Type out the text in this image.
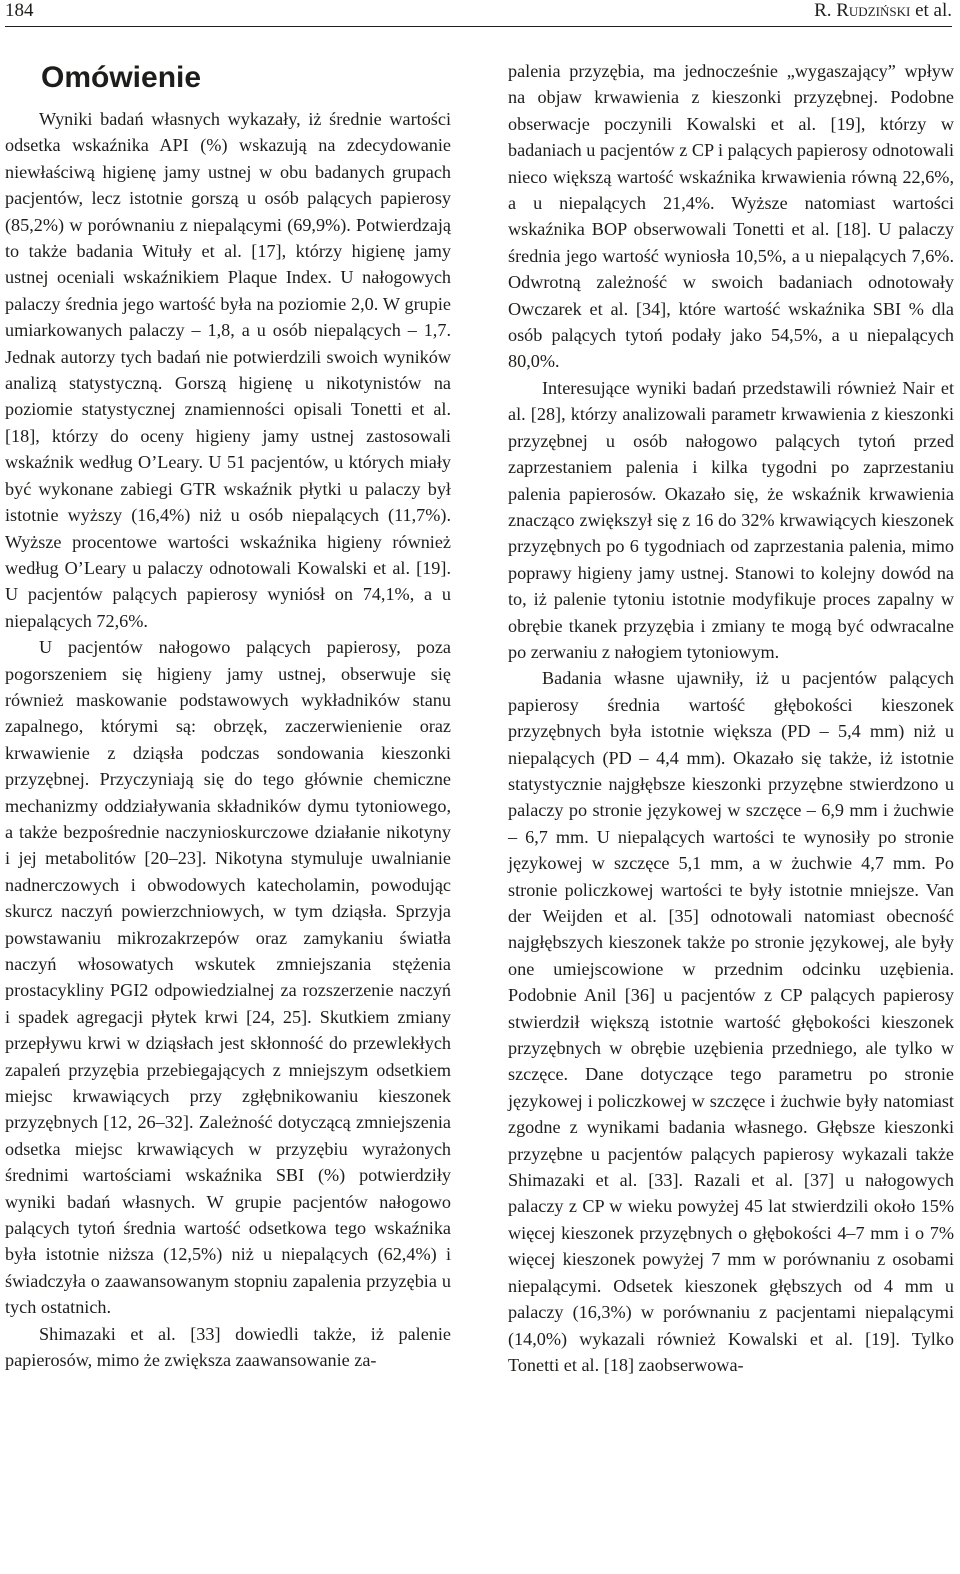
184	R. Rudziński et al.
Omówienie

Wyniki badań własnych wykazały, iż średnie wartości odsetka wskaźnika API (%) wskazują na zdecydowanie niewłaściwą higienę jamy ustnej w obu badanych grupach pacjentów, lecz istotnie gorszą u osób palących papierosy (85,2%) w porównaniu z niepalącymi (69,9%). Potwierdzają to także badania Wituły et al. [17], którzy higienę jamy ustnej oceniali wskaźnikiem Plaque Index. U nałogowych palaczy średnia jego wartość była na poziomie 2,0. W grupie umiarkowanych palaczy – 1,8, a u osób niepalących – 1,7. Jednak autorzy tych badań nie potwierdzili swoich wyników analizą statystyczną. Gorszą higienę u nikotynistów na poziomie statystycznej znamienności opisali Tonetti et al. [18], którzy do oceny higieny jamy ustnej zastosowali wskaźnik według O’Leary. U 51 pacjentów, u których miały być wykonane zabiegi GTR wskaźnik płytki u palaczy był istotnie wyższy (16,4%) niż u osób niepalących (11,7%). Wyższe procentowe wartości wskaźnika higieny również według O’Leary u palaczy odnotowali Kowalski et al. [19]. U pacjentów palących papierosy wyniósł on 74,1%, a u niepalących 72,6%.

U pacjentów nałogowo palących papierosy, poza pogorszeniem się higieny jamy ustnej, obserwuje się również maskowanie podstawowych wykładników stanu zapalnego, którymi są: obrzęk, zaczerwienienie oraz krwawienie z dziąsła podczas sondowania kieszonki przyzębnej. Przyczyniają się do tego głównie chemiczne mechanizmy oddziaływania składników dymu tytoniowego, a także bezpośrednie naczynioskurczowe działanie nikotyny i jej metabolitów [20–23]. Nikotyna stymuluje uwalnianie nadnerczowych i obwodowych katecholamin, powodując skurcz naczyń powierzchniowych, w tym dziąsła. Sprzyja powstawaniu mikrozakrzepów oraz zamykaniu światła naczyń włosowatych wskutek zmniejszania stężenia prostacykliny PGI2 odpowiedzialnej za rozszerzenie naczyń i spadek agregacji płytek krwi [24, 25]. Skutkiem zmiany przepływu krwi w dziąsłach jest skłonność do przewlekłych zapaleń przyzębia przebiegających z mniejszym odsetkiem miejsc krwawiących przy zgłębnikowaniu kieszonek przyzębnych [12, 26–32]. Zależność dotyczącą zmniejszenia odsetka miejsc krwawiących w przyzębiu wyrażonych średnimi wartościami wskaźnika SBI (%) potwierdziły wyniki badań własnych. W grupie pacjentów nałogowo palących tytoń średnia wartość odsetkowa tego wskaźnika była istotnie niższa (12,5%) niż u niepalących (62,4%) i świadczyła o zaawansowanym stopniu zapalenia przyzębia u tych ostatnich.

Shimazaki et al. [33] dowiedli także, iż palenie papierosów, mimo że zwiększa zaawansowanie za-

palenia przyzębia, ma jednocześnie „wygaszający” wpływ na objaw krwawienia z kieszonki przyzębnej. Podobne obserwacje poczynili Kowalski et al. [19], którzy w badaniach u pacjentów z CP i palących papierosy odnotowali nieco większą wartość wskaźnika krwawienia równą 22,6%, a u niepalących 21,4%. Wyższe natomiast wartości wskaźnika BOP obserwowali Tonetti et al. [18]. U palaczy średnia jego wartość wyniosła 10,5%, a u niepalących 7,6%. Odwrotną zależność w swoich badaniach odnotowały Owczarek et al. [34], które wartość wskaźnika SBI % dla osób palących tytoń podały jako 54,5%, a u niepalących 80,0%.

Interesujące wyniki badań przedstawili również Nair et al. [28], którzy analizowali parametr krwawienia z kieszonki przyzębnej u osób nałogowo palących tytoń przed zaprzestaniem palenia i kilka tygodni po zaprzestaniu palenia papierosów. Okazało się, że wskaźnik krwawienia znacząco zwiększył się z 16 do 32% krwawiących kieszonek przyzębnych po 6 tygodniach od zaprzestania palenia, mimo poprawy higieny jamy ustnej. Stanowi to kolejny dowód na to, iż palenie tytoniu istotnie modyfikuje proces zapalny w obrębie tkanek przyzębia i zmiany te mogą być odwracalne po zerwaniu z nałogiem tytoniowym.

Badania własne ujawniły, iż u pacjentów palących papierosy średnia wartość głębokości kieszonek przyzębnych była istotnie większa (PD – 5,4 mm) niż u niepalących (PD – 4,4 mm). Okazało się także, iż istotnie statystycznie najgłębsze kieszonki przyzębne stwierdzono u palaczy po stronie językowej w szczęce – 6,9 mm i żuchwie – 6,7 mm. U niepalących wartości te wynosiły po stronie językowej w szczęce 5,1 mm, a w żuchwie 4,7 mm. Po stronie policzkowej wartości te były istotnie mniejsze. Van der Weijden et al. [35] odnotowali natomiast obecność najgłębszych kieszonek także po stronie językowej, ale były one umiejscowione w przednim odcinku uzębienia. Podobnie Anil [36] u pacjentów z CP palących papierosy stwierdził większą istotnie wartość głębokości kieszonek przyzębnych w obrębie uzębienia przedniego, ale tylko w szczęce. Dane dotyczące tego parametru po stronie językowej i policzkowej w szczęce i żuchwie były natomiast zgodne z wynikami badania własnego. Głębsze kieszonki przyzębne u pacjentów palących papierosy wykazali także Shimazaki et al. [33]. Razali et al. [37] u nałogowych palaczy z CP w wieku powyżej 45 lat stwierdzili około 15% więcej kieszonek przyzębnych o głębokości 4–7 mm i o 7% więcej kieszonek powyżej 7 mm w porównaniu z osobami niepalącymi. Odsetek kieszonek głębszych od 4 mm u palaczy (16,3%) w porównaniu z pacjentami niepalącymi (14,0%) wykazali również Kowalski et al. [19]. Tylko Tonetti et al. [18] zaobserwowa-
